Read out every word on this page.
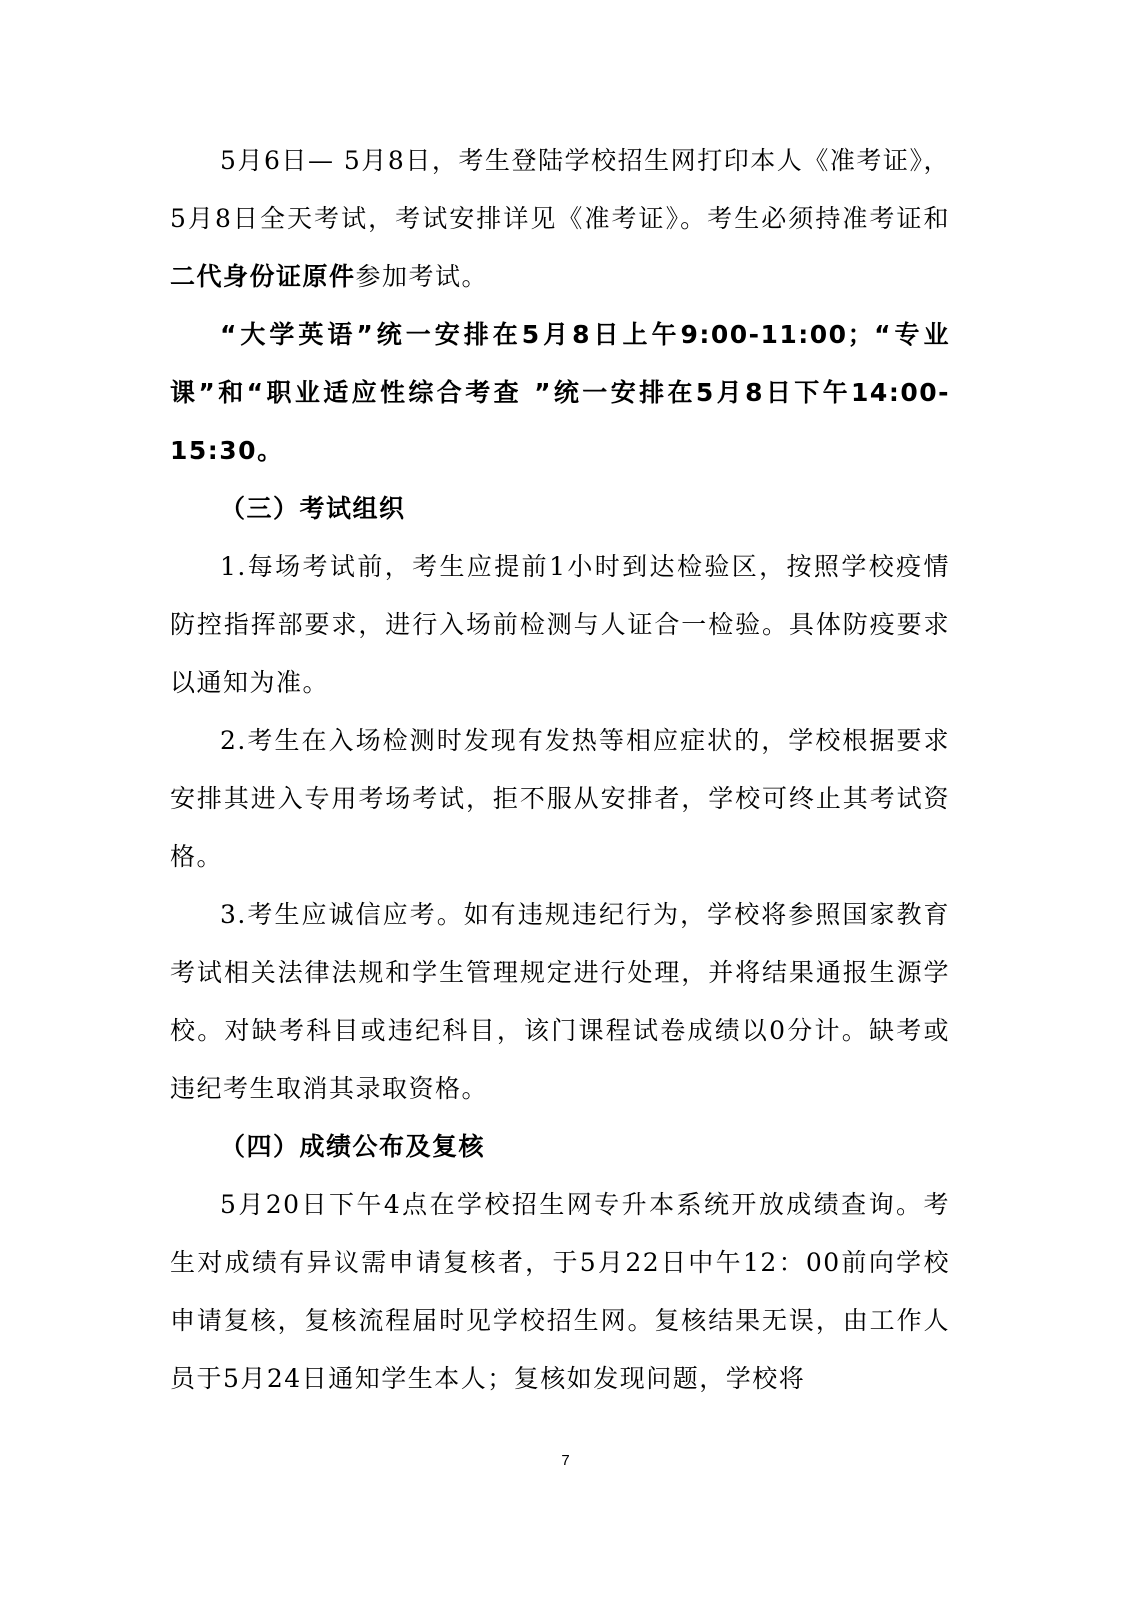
5月6日— 5月8日，考生登陆学校招生网打印本人《准考证》，5月8日全天考试，考试安排详见《准考证》。考生必须持准考证和二代身份证原件参加考试。

“大学英语”统一安排在5月8日上午9:00-11:00；“专业课”和“职业适应性综合考查 ”统一安排在5月8日下午14:00-15:30。

（三）考试组织

1.每场考试前，考生应提前1小时到达检验区，按照学校疫情防控指挥部要求，进行入场前检测与人证合一检验。具体防疫要求以通知为准。

2.考生在入场检测时发现有发热等相应症状的，学校根据要求安排其进入专用考场考试，拒不服从安排者，学校可终止其考试资格。

3.考生应诚信应考。如有违规违纪行为，学校将参照国家教育考试相关法律法规和学生管理规定进行处理，并将结果通报生源学校。对缺考科目或违纪科目，该门课程试卷成绩以0分计。缺考或违纪考生取消其录取资格。

（四）成绩公布及复核

5月20日下午4点在学校招生网专升本系统开放成绩查询。考生对成绩有异议需申请复核者，于5月22日中午12：00前向学校申请复核，复核流程届时见学校招生网。复核结果无误，由工作人员于5月24日通知学生本人；复核如发现问题，学校将

7
